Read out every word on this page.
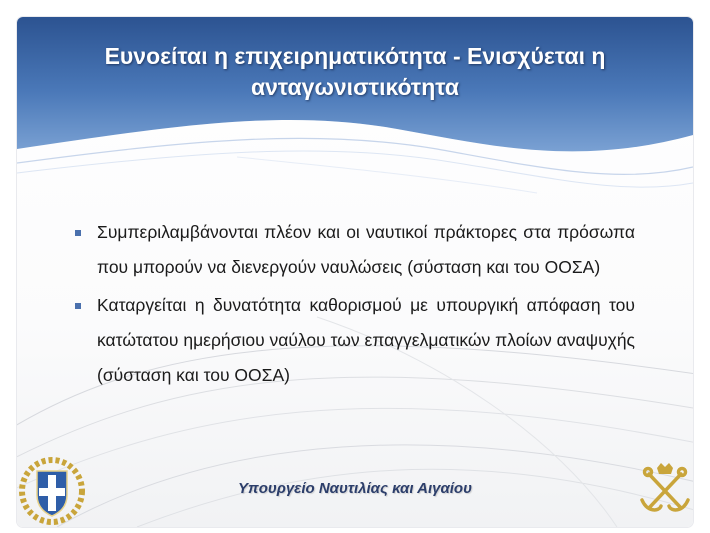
Ευνοείται η επιχειρηματικότητα - Ενισχύεται η ανταγωνιστικότητα
Συμπεριλαμβάνονται πλέον και οι ναυτικοί πράκτορες στα πρόσωπα που μπορούν να διενεργούν ναυλώσεις (σύσταση και του ΟΟΣΑ)
Καταργείται η δυνατότητα καθορισμού με υπουργική απόφαση του κατώτατου ημερήσιου ναύλου των επαγγελματικών πλοίων αναψυχής (σύσταση και του ΟΟΣΑ)
Υπουργείο Ναυτιλίας και Αιγαίου
